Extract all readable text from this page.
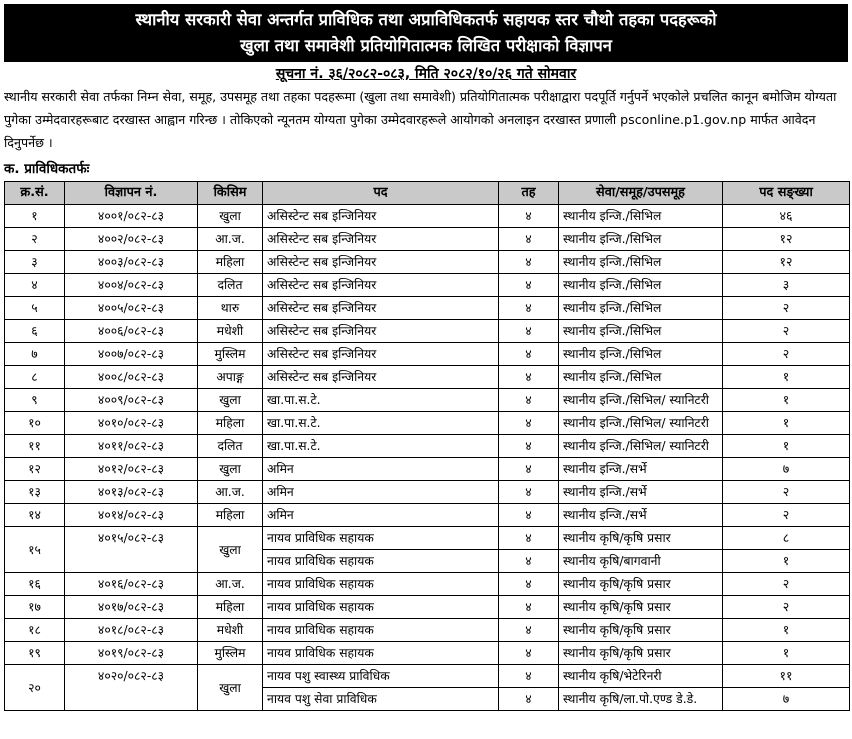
स्थानीय सरकारी सेवा अन्तर्गत प्राविधिक तथा अप्राविधिकतर्फ सहायक स्तर चौथो तहका पदहरूको
खुला तथा समावेशी प्रतियोगितात्मक लिखित परीक्षाको विज्ञापन
सूचना नं. ३६/२०८२-०८३, मिति २०८२/१०/२६ गते सोमवार
स्थानीय सरकारी सेवा तर्फका निम्न सेवा, समूह, उपसमूह तथा तहका पदहरूमा (खुला तथा समावेशी) प्रतियोगितात्मक परीक्षाद्वारा पदपूर्ति गर्नुपर्ने भएकोले प्रचलित कानून बमोजिम योग्यता पुगेका उम्मेदवारहरूबाट दरखास्त आह्वान गरिन्छ । तोकिएको न्यूनतम योग्यता पुगेका उम्मेदवारहरूले आयोगको अनलाइन दरखास्त प्रणाली psconline.p1.gov.np मार्फत आवेदन दिनुपर्नेछ ।
क. प्राविधिकतर्फः
क्र.सं.	विज्ञापन नं.	किसिम	पद	तह	सेवा/समूह/उपसमूह	पद सङ्ख्या
१	४००१/०८२-८३	खुला	असिस्टेन्ट सब इन्जिनियर	४	स्थानीय इन्जि./सिभिल	४६
२	४००२/०८२-८३	आ.ज.	असिस्टेन्ट सब इन्जिनियर	४	स्थानीय इन्जि./सिभिल	१२
३	४००३/०८२-८३	महिला	असिस्टेन्ट सब इन्जिनियर	४	स्थानीय इन्जि./सिभिल	१२
४	४००४/०८२-८३	दलित	असिस्टेन्ट सब इन्जिनियर	४	स्थानीय इन्जि./सिभिल	३
५	४००५/०८२-८३	थारु	असिस्टेन्ट सब इन्जिनियर	४	स्थानीय इन्जि./सिभिल	२
६	४००६/०८२-८३	मधेशी	असिस्टेन्ट सब इन्जिनियर	४	स्थानीय इन्जि./सिभिल	२
७	४००७/०८२-८३	मुस्लिम	असिस्टेन्ट सब इन्जिनियर	४	स्थानीय इन्जि./सिभिल	२
८	४००८/०८२-८३	अपाङ्ग	असिस्टेन्ट सब इन्जिनियर	४	स्थानीय इन्जि./सिभिल	१
९	४००९/०८२-८३	खुला	खा.पा.स.टे.	४	स्थानीय इन्जि./सिभिल/ स्यानिटरी	१
१०	४०१०/०८२-८३	महिला	खा.पा.स.टे.	४	स्थानीय इन्जि./सिभिल/ स्यानिटरी	१
११	४०११/०८२-८३	दलित	खा.पा.स.टे.	४	स्थानीय इन्जि./सिभिल/ स्यानिटरी	१
१२	४०१२/०८२-८३	खुला	अमिन	४	स्थानीय इन्जि./सर्भे	७
१३	४०१३/०८२-८३	आ.ज.	अमिन	४	स्थानीय इन्जि./सर्भे	२
१४	४०१४/०८२-८३	महिला	अमिन	४	स्थानीय इन्जि./सर्भे	२
१५	४०१५/०८२-८३	खुला	नायव प्राविधिक सहायक	४	स्थानीय कृषि/कृषि प्रसार	८
			नायव प्राविधिक सहायक	४	स्थानीय कृषि/बागवानी	१
१६	४०१६/०८२-८३	आ.ज.	नायव प्राविधिक सहायक	४	स्थानीय कृषि/कृषि प्रसार	२
१७	४०१७/०८२-८३	महिला	नायव प्राविधिक सहायक	४	स्थानीय कृषि/कृषि प्रसार	२
१८	४०१८/०८२-८३	मधेशी	नायव प्राविधिक सहायक	४	स्थानीय कृषि/कृषि प्रसार	१
१९	४०१९/०८२-८३	मुस्लिम	नायव प्राविधिक सहायक	४	स्थानीय कृषि/कृषि प्रसार	१
२०	४०२०/०८२-८३	खुला	नायव पशु स्वास्थ्य प्राविधिक	४	स्थानीय कृषि/भेटेरिनरी	११
			नायव पशु सेवा प्राविधिक	४	स्थानीय कृषि/ला.पो.एण्ड डे.डे.	७
